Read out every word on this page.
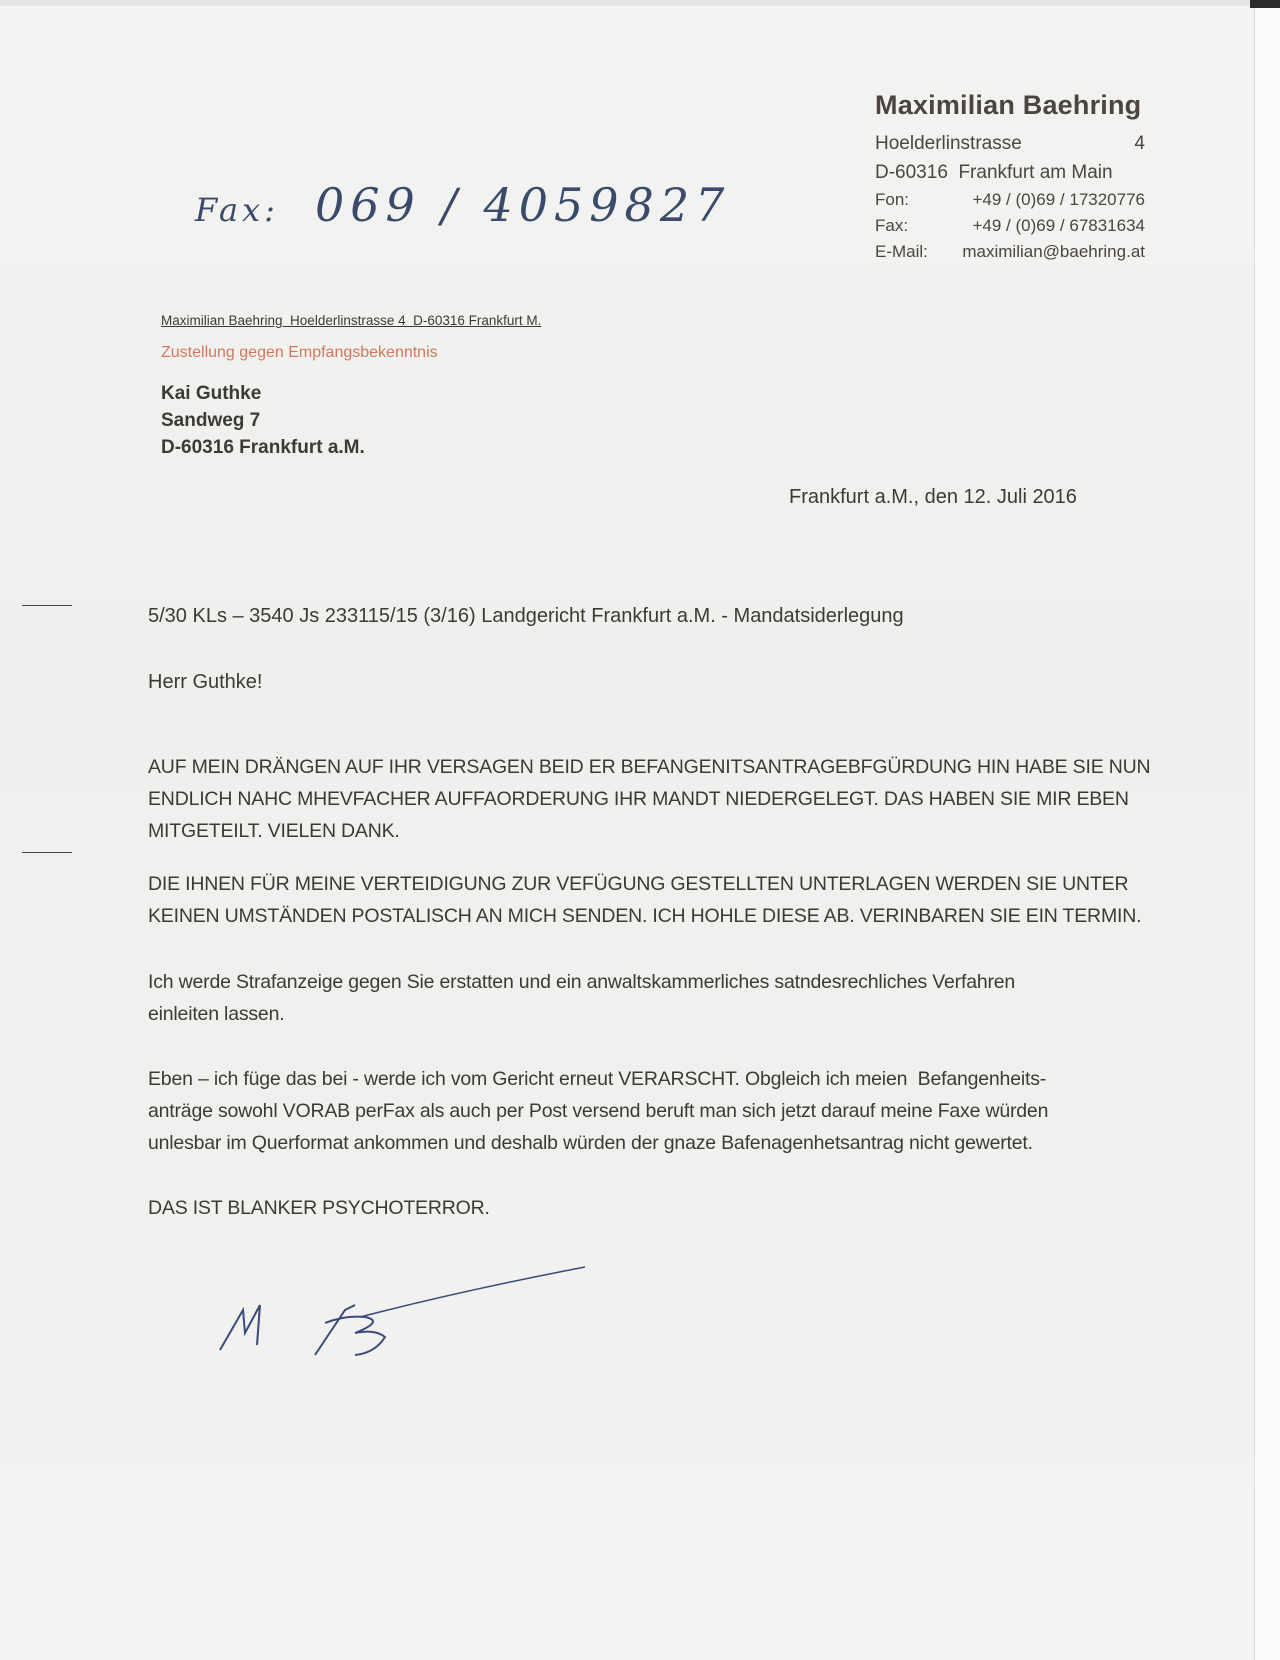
Maximilian Baehring
Hoelderlinstrasse	4
D-60316  Frankfurt am Main
Fon:	+49 / (0)69 / 17320776
Fax:	+49 / (0)69 / 67831634
E-Mail:	maximilian@baehring.at
Fax: 069 / 4059827
Maximilian Baehring  Hoelderlinstrasse 4  D-60316 Frankfurt M.
Zustellung gegen Empfangsbekenntnis
Kai Guthke
Sandweg 7
D-60316 Frankfurt a.M.
Frankfurt a.M., den 12. Juli 2016
5/30 KLs – 3540 Js 233115/15 (3/16) Landgericht Frankfurt a.M. - Mandatsiderlegung
Herr Guthke!
AUF MEIN DRÄNGEN AUF IHR VERSAGEN BEID ER BEFANGENITSANTRAGEBFGÜRDUNG HIN HABE SIE NUN
ENDLICH NAHC MHEVFACHER AUFFAORDERUNG IHR MANDT NIEDERGELEGT. DAS HABEN SIE MIR EBEN
MITGETEILT. VIELEN DANK.
DIE IHNEN FÜR MEINE VERTEIDIGUNG ZUR VEFÜGUNG GESTELLTEN UNTERLAGEN WERDEN SIE UNTER
KEINEN UMSTÄNDEN POSTALISCH AN MICH SENDEN. ICH HOHLE DIESE AB. VERINBAREN SIE EIN TERMIN.
Ich werde Strafanzeige gegen Sie erstatten und ein anwaltskammerliches satndesrechliches Verfahren
einleiten lassen.
Eben – ich füge das bei - werde ich vom Gericht erneut VERARSCHT. Obgleich ich meien  Befangenheits-
anträge sowohl VORAB perFax als auch per Post versend beruft man sich jetzt darauf meine Faxe würden
unlesbar im Querformat ankommen und deshalb würden der gnaze Bafenagenhetsantrag nicht gewertet.
DAS IST BLANKER PSYCHOTERROR.
